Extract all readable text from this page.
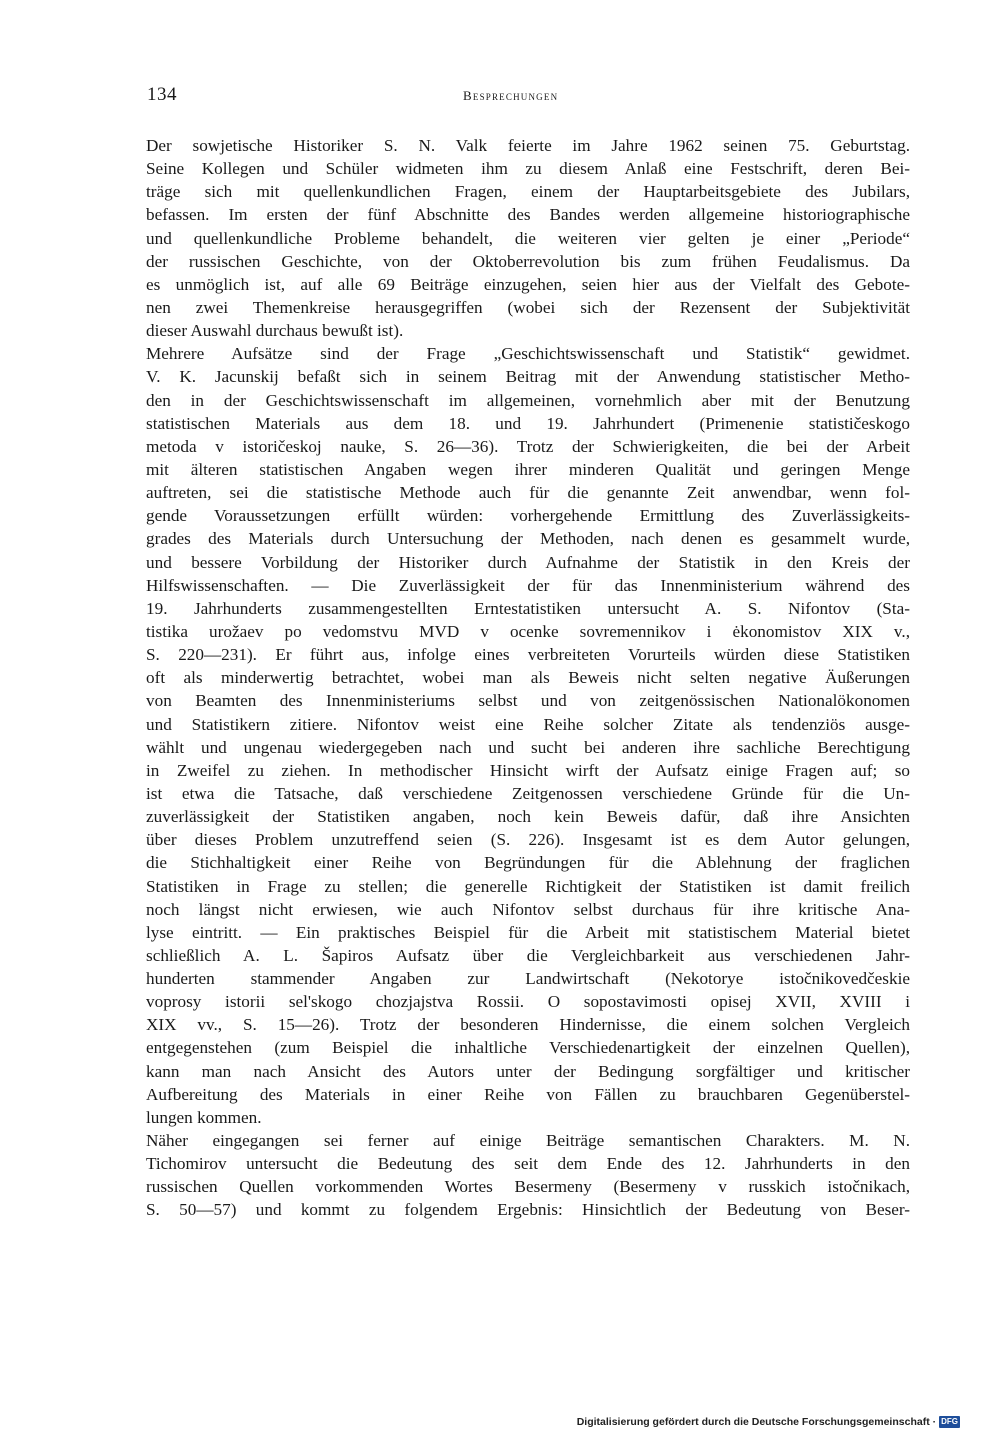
134	Besprechungen
Der sowjetische Historiker S. N. Valk feierte im Jahre 1962 seinen 75. Geburtstag.
Seine Kollegen und Schüler widmeten ihm zu diesem Anlaß eine Festschrift, deren Bei-
träge sich mit quellenkundlichen Fragen, einem der Hauptarbeitsgebiete des Jubilars,
befassen. Im ersten der fünf Abschnitte des Bandes werden allgemeine historiographische
und quellenkundliche Probleme behandelt, die weiteren vier gelten je einer „Periode“
der russischen Geschichte, von der Oktoberrevolution bis zum frühen Feudalismus. Da
es unmöglich ist, auf alle 69 Beiträge einzugehen, seien hier aus der Vielfalt des Gebote-
nen zwei Themenkreise herausgegriffen (wobei sich der Rezensent der Subjektivität
dieser Auswahl durchaus bewußt ist).
Mehrere Aufsätze sind der Frage „Geschichtswissenschaft und Statistik“ gewidmet.
V. K. Jacunskij befaßt sich in seinem Beitrag mit der Anwendung statistischer Metho-
den in der Geschichtswissenschaft im allgemeinen, vornehmlich aber mit der Benutzung
statistischen Materials aus dem 18. und 19. Jahrhundert (Primenenie statističeskogo
metoda v istoričeskoj nauke, S. 26—36). Trotz der Schwierigkeiten, die bei der Arbeit
mit älteren statistischen Angaben wegen ihrer minderen Qualität und geringen Menge
auftreten, sei die statistische Methode auch für die genannte Zeit anwendbar, wenn fol-
gende Voraussetzungen erfüllt würden: vorhergehende Ermittlung des Zuverlässigkeits-
grades des Materials durch Untersuchung der Methoden, nach denen es gesammelt wurde,
und bessere Vorbildung der Historiker durch Aufnahme der Statistik in den Kreis der
Hilfswissenschaften. — Die Zuverlässigkeit der für das Innenministerium während des
19. Jahrhunderts zusammengestellten Erntestatistiken untersucht A. S. Nifontov (Sta-
tistika urožaev po vedomstvu MVD v ocenke sovremennikov i ėkonomistov XIX v.,
S. 220—231). Er führt aus, infolge eines verbreiteten Vorurteils würden diese Statistiken
oft als minderwertig betrachtet, wobei man als Beweis nicht selten negative Äußerungen
von Beamten des Innenministeriums selbst und von zeitgenössischen Nationalökonomen
und Statistikern zitiere. Nifontov weist eine Reihe solcher Zitate als tendenziös ausge-
wählt und ungenau wiedergegeben nach und sucht bei anderen ihre sachliche Berechtigung
in Zweifel zu ziehen. In methodischer Hinsicht wirft der Aufsatz einige Fragen auf; so
ist etwa die Tatsache, daß verschiedene Zeitgenossen verschiedene Gründe für die Un-
zuverlässigkeit der Statistiken angaben, noch kein Beweis dafür, daß ihre Ansichten
über dieses Problem unzutreffend seien (S. 226). Insgesamt ist es dem Autor gelungen,
die Stichhaltigkeit einer Reihe von Begründungen für die Ablehnung der fraglichen
Statistiken in Frage zu stellen; die generelle Richtigkeit der Statistiken ist damit freilich
noch längst nicht erwiesen, wie auch Nifontov selbst durchaus für ihre kritische Ana-
lyse eintritt. — Ein praktisches Beispiel für die Arbeit mit statistischem Material bietet
schließlich A. L. Šapiros Aufsatz über die Vergleichbarkeit aus verschiedenen Jahr-
hunderten stammender Angaben zur Landwirtschaft (Nekotorye istočnikovedčeskie
voprosy istorii sel'skogo chozjajstva Rossii. O sopostavimosti opisej XVII, XVIII i
XIX vv., S. 15—26). Trotz der besonderen Hindernisse, die einem solchen Vergleich
entgegenstehen (zum Beispiel die inhaltliche Verschiedenartigkeit der einzelnen Quellen),
kann man nach Ansicht des Autors unter der Bedingung sorgfältiger und kritischer
Aufbereitung des Materials in einer Reihe von Fällen zu brauchbaren Gegenüberstel-
lungen kommen.
Näher eingegangen sei ferner auf einige Beiträge semantischen Charakters. M. N.
Tichomirov untersucht die Bedeutung des seit dem Ende des 12. Jahrhunderts in den
russischen Quellen vorkommenden Wortes Besermeny (Besermeny v russkich istočnikach,
S. 50—57) und kommt zu folgendem Ergebnis: Hinsichtlich der Bedeutung von Beser-
Digitalisierung gefördert durch die Deutsche Forschungsgemeinschaft · DFG
